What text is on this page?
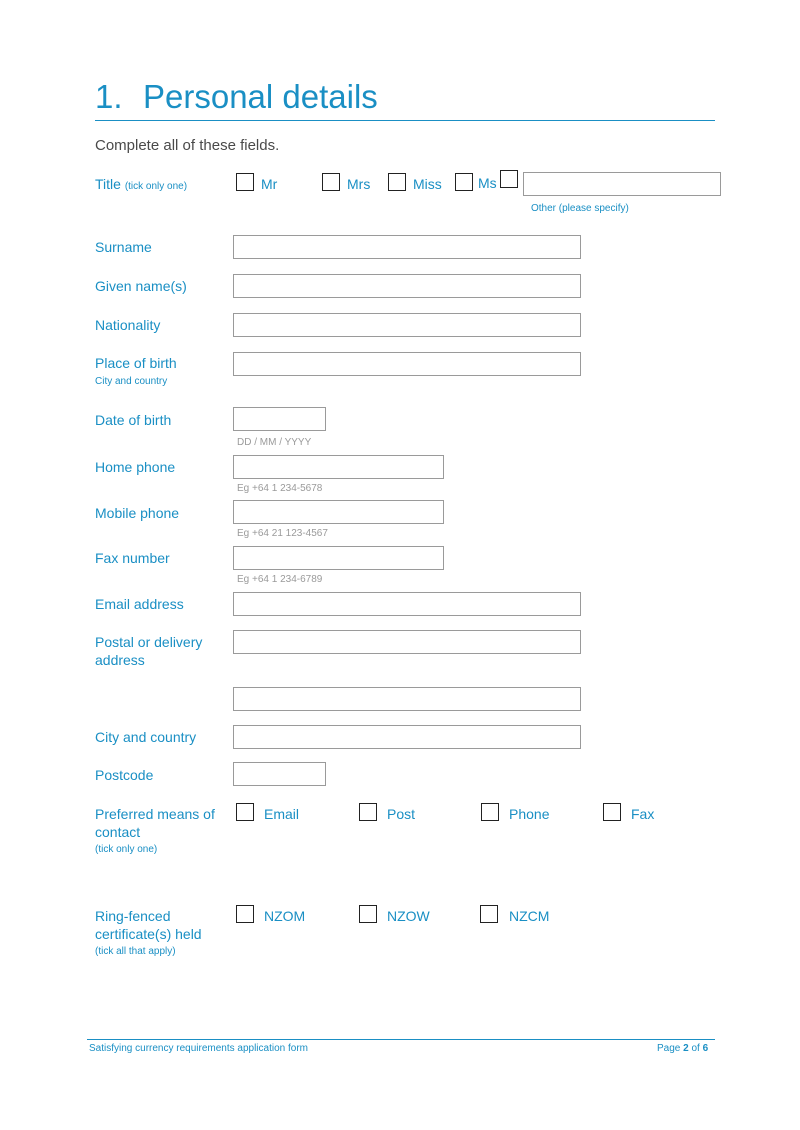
1. Personal details
Complete all of these fields.
Title (tick only one)	Mr	Mrs	Miss	Ms
Other (please specify)
Surname
Given name(s)
Nationality
Place of birth
City and country
Date of birth
DD / MM / YYYY
Home phone
Eg +64 1 234-5678
Mobile phone
Eg +64 21 123-4567
Fax number
Eg +64 1 234-6789
Email address
Postal or delivery
address
City and country
Postcode
Preferred means of
contact
(tick only one)
Email	Post	Phone	Fax
Ring-fenced
certificate(s) held
(tick all that apply)
NZOM	NZOW	NZCM
Satisfying currency requirements application form	Page 2 of 6
